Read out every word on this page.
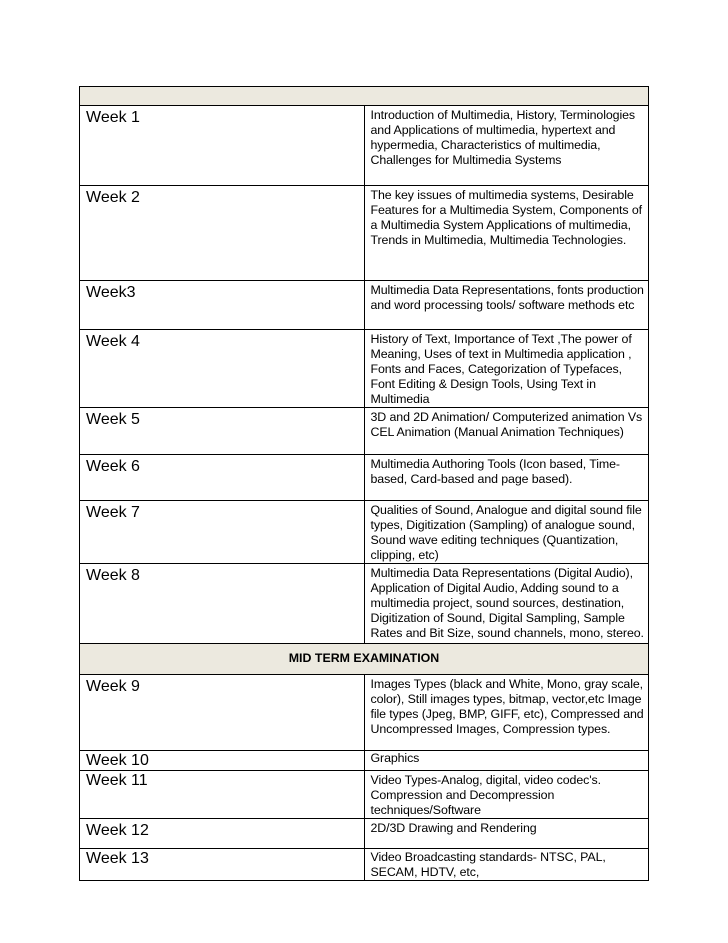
Week 1	Introduction of Multimedia, History, Terminologies and Applications of multimedia, hypertext and hypermedia, Characteristics of multimedia, Challenges for Multimedia Systems
Week 2	The key issues of multimedia systems, Desirable Features for a Multimedia System, Components of a Multimedia System Applications of multimedia, Trends in Multimedia, Multimedia Technologies.
Week3	Multimedia Data Representations, fonts production and word processing tools/ software methods etc
Week 4	History of Text, Importance of Text ,The power of Meaning, Uses of text in Multimedia application , Fonts and Faces, Categorization of Typefaces, Font Editing & Design Tools, Using Text in Multimedia
Week 5	3D and 2D Animation/ Computerized animation Vs CEL Animation (Manual Animation Techniques)
Week 6	Multimedia Authoring Tools (Icon based, Time-based, Card-based and page based).
Week 7	Qualities of Sound, Analogue and digital sound file types, Digitization (Sampling) of analogue sound, Sound wave editing techniques (Quantization, clipping, etc)
Week 8	Multimedia Data Representations (Digital Audio), Application of Digital Audio, Adding sound to a multimedia project, sound sources, destination, Digitization of Sound, Digital Sampling, Sample Rates and Bit Size, sound channels, mono, stereo.
MID TERM EXAMINATION	
Week 9	Images Types (black and White, Mono, gray scale, color), Still images types, bitmap, vector,etc Image file types (Jpeg, BMP, GIFF, etc), Compressed and Uncompressed Images, Compression types.
Week 10	Graphics
Week 11	Video Types-Analog, digital, video codec's. Compression and Decompression techniques/Software
Week 12	2D/3D Drawing and Rendering
Week 13	Video Broadcasting standards- NTSC, PAL, SECAM, HDTV, etc,
